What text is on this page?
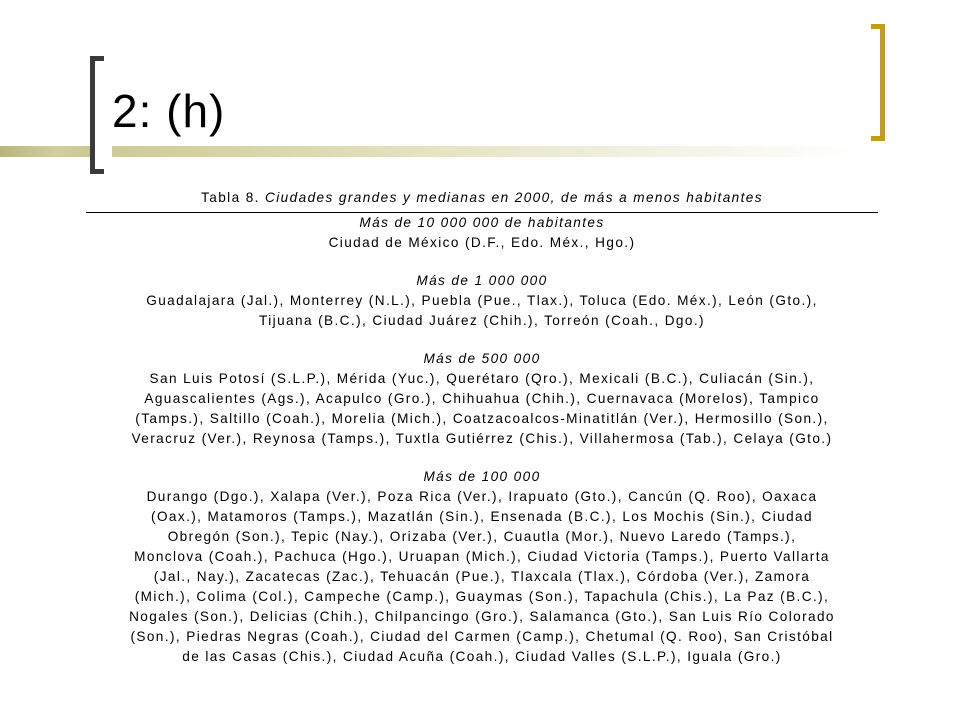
2: (h)

Tabla 8. Ciudades grandes y medianas en 2000, de más a menos habitantes

Más de 10 000 000 de habitantes

Ciudad de México (D.F., Edo. Méx., Hgo.)

Más de 1 000 000

Guadalajara (Jal.), Monterrey (N.L.), Puebla (Pue., Tlax.), Toluca (Edo. Méx.), León (Gto.),

Tijuana (B.C.), Ciudad Juárez (Chih.), Torreón (Coah., Dgo.)

Más de 500 000

San Luis Potosí (S.L.P.), Mérida (Yuc.), Querétaro (Qro.), Mexicali (B.C.), Culiacán (Sin.),

Aguascalientes (Ags.), Acapulco (Gro.), Chihuahua (Chih.), Cuernavaca (Morelos), Tampico

(Tamps.), Saltillo (Coah.), Morelia (Mich.), Coatzacoalcos-Minatitlán (Ver.), Hermosillo (Son.),

Veracruz (Ver.), Reynosa (Tamps.), Tuxtla Gutiérrez (Chis.), Villahermosa (Tab.), Celaya (Gto.)

Más de 100 000

Durango (Dgo.), Xalapa (Ver.), Poza Rica (Ver.), Irapuato (Gto.), Cancún (Q. Roo), Oaxaca

(Oax.), Matamoros (Tamps.), Mazatlán (Sin.), Ensenada (B.C.), Los Mochis (Sin.), Ciudad

Obregón (Son.), Tepic (Nay.), Orizaba (Ver.), Cuautla (Mor.), Nuevo Laredo (Tamps.),

Monclova (Coah.), Pachuca (Hgo.), Uruapan (Mich.), Ciudad Victoria (Tamps.), Puerto Vallarta

(Jal., Nay.), Zacatecas (Zac.), Tehuacán (Pue.), Tlaxcala (Tlax.), Córdoba (Ver.), Zamora

(Mich.), Colima (Col.), Campeche (Camp.), Guaymas (Son.), Tapachula (Chis.), La Paz (B.C.),

Nogales (Son.), Delicias (Chih.), Chilpancingo (Gro.), Salamanca (Gto.), San Luis Río Colorado

(Son.), Piedras Negras (Coah.), Ciudad del Carmen (Camp.), Chetumal (Q. Roo), San Cristóbal

de las Casas (Chis.), Ciudad Acuña (Coah.), Ciudad Valles (S.L.P.), Iguala (Gro.)
